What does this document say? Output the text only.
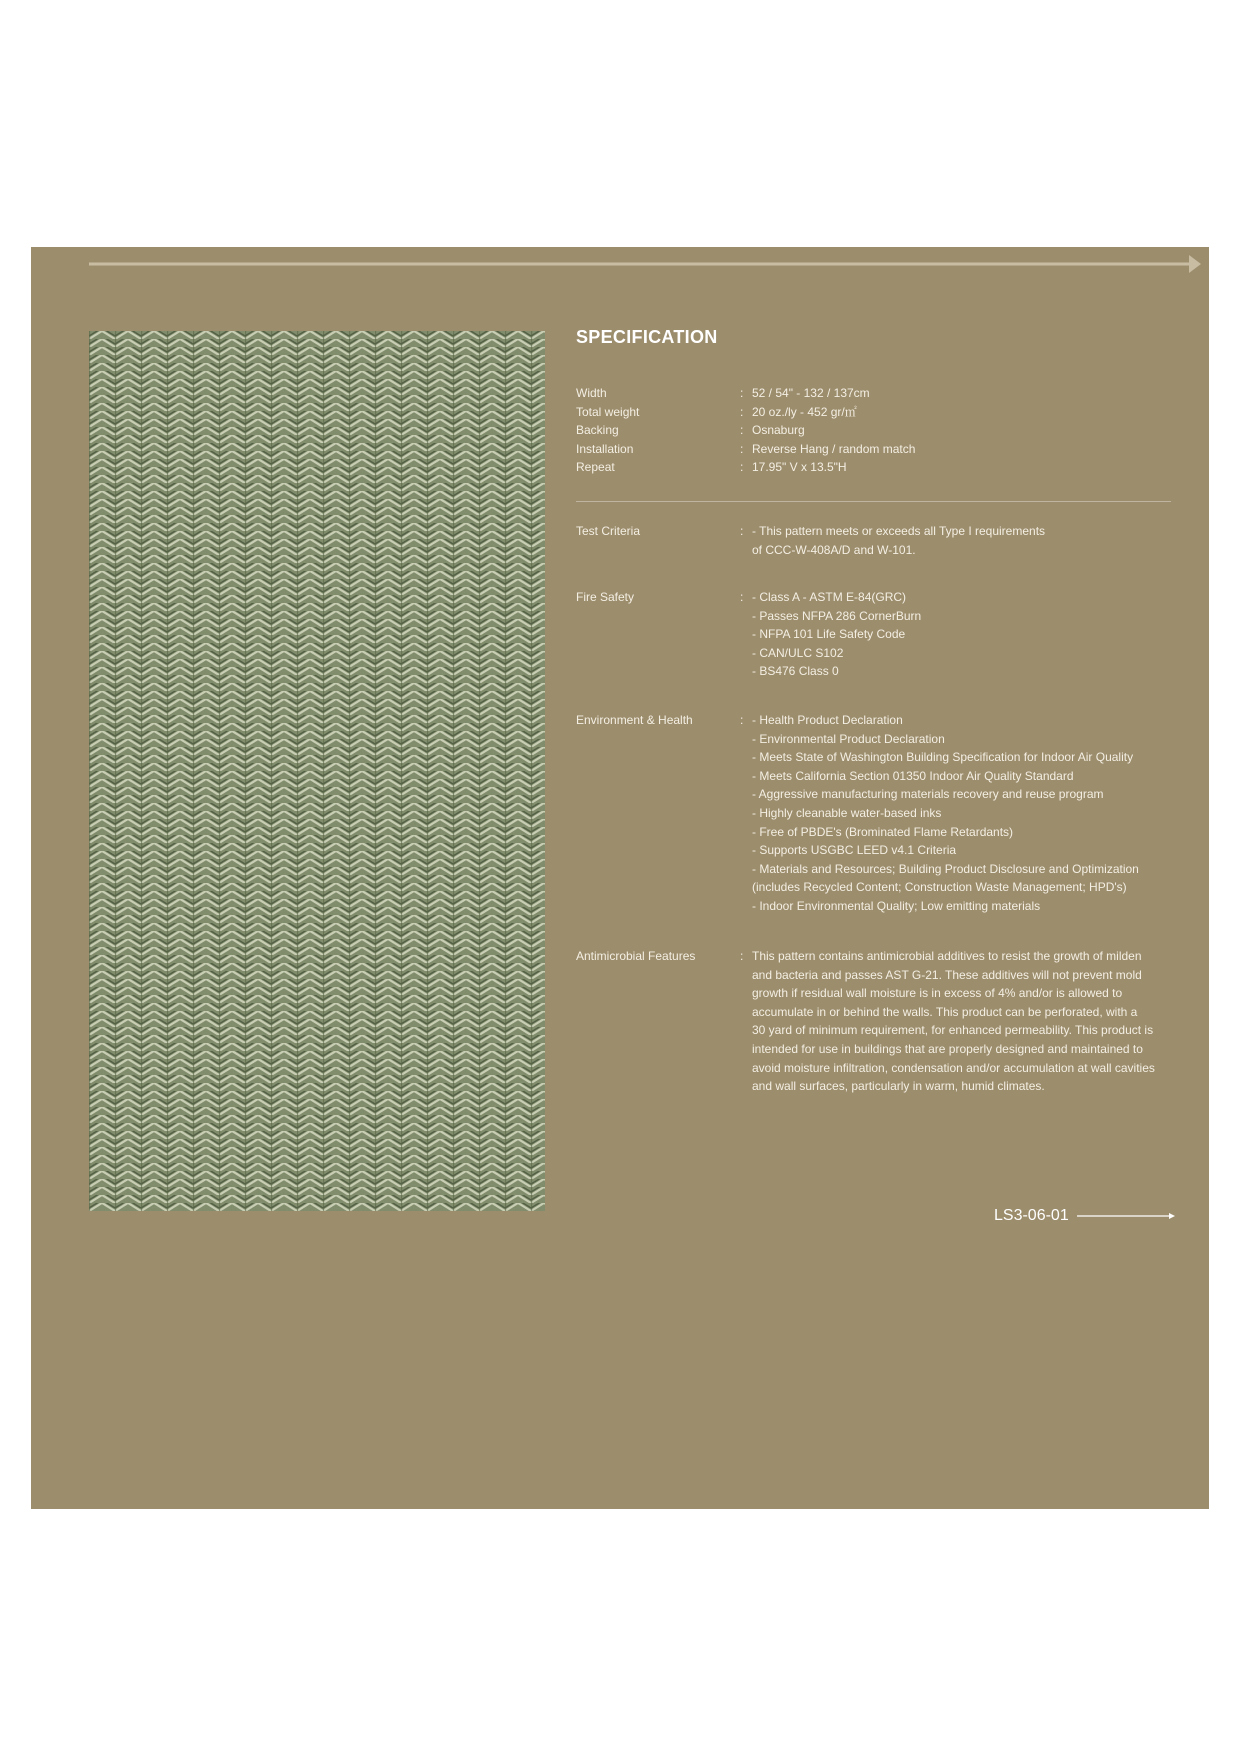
SPECIFICATION
Width	: 52 / 54" - 132 / 137cm
Total weight	: 20 oz./ly - 452 gr/㎡
Backing	: Osnaburg
Installation	: Reverse Hang / random match
Repeat	: 17.95" V x 13.5"H
Test Criteria	: - This pattern meets or exceeds all Type I requirements
of CCC-W-408A/D and W-101.
Fire Safety	: - Class A - ASTM E-84(GRC)
- Passes NFPA 286 CornerBurn
- NFPA 101 Life Safety Code
- CAN/ULC S102
- BS476 Class 0
Environment & Health	: - Health Product Declaration
- Environmental Product Declaration
- Meets State of Washington Building Specification for Indoor Air Quality
- Meets California Section 01350 Indoor Air Quality Standard
- Aggressive manufacturing materials recovery and reuse program
- Highly cleanable water-based inks
- Free of PBDE's (Brominated Flame Retardants)
- Supports USGBC LEED v4.1 Criteria
- Materials and Resources; Building Product Disclosure and Optimization
(includes Recycled Content; Construction Waste Management; HPD's)
- Indoor Environmental Quality; Low emitting materials
Antimicrobial Features	: This pattern contains antimicrobial additives to resist the growth of milden
and bacteria and passes AST G-21. These additives will not prevent mold
growth if residual wall moisture is in excess of 4% and/or is allowed to
accumulate in or behind the walls. This product can be perforated, with a
30 yard of minimum requirement, for enhanced permeability. This product is
intended for use in buildings that are properly designed and maintained to
avoid moisture infiltration, condensation and/or accumulation at wall cavities
and wall surfaces, particularly in warm, humid climates.
LS3-06-01
